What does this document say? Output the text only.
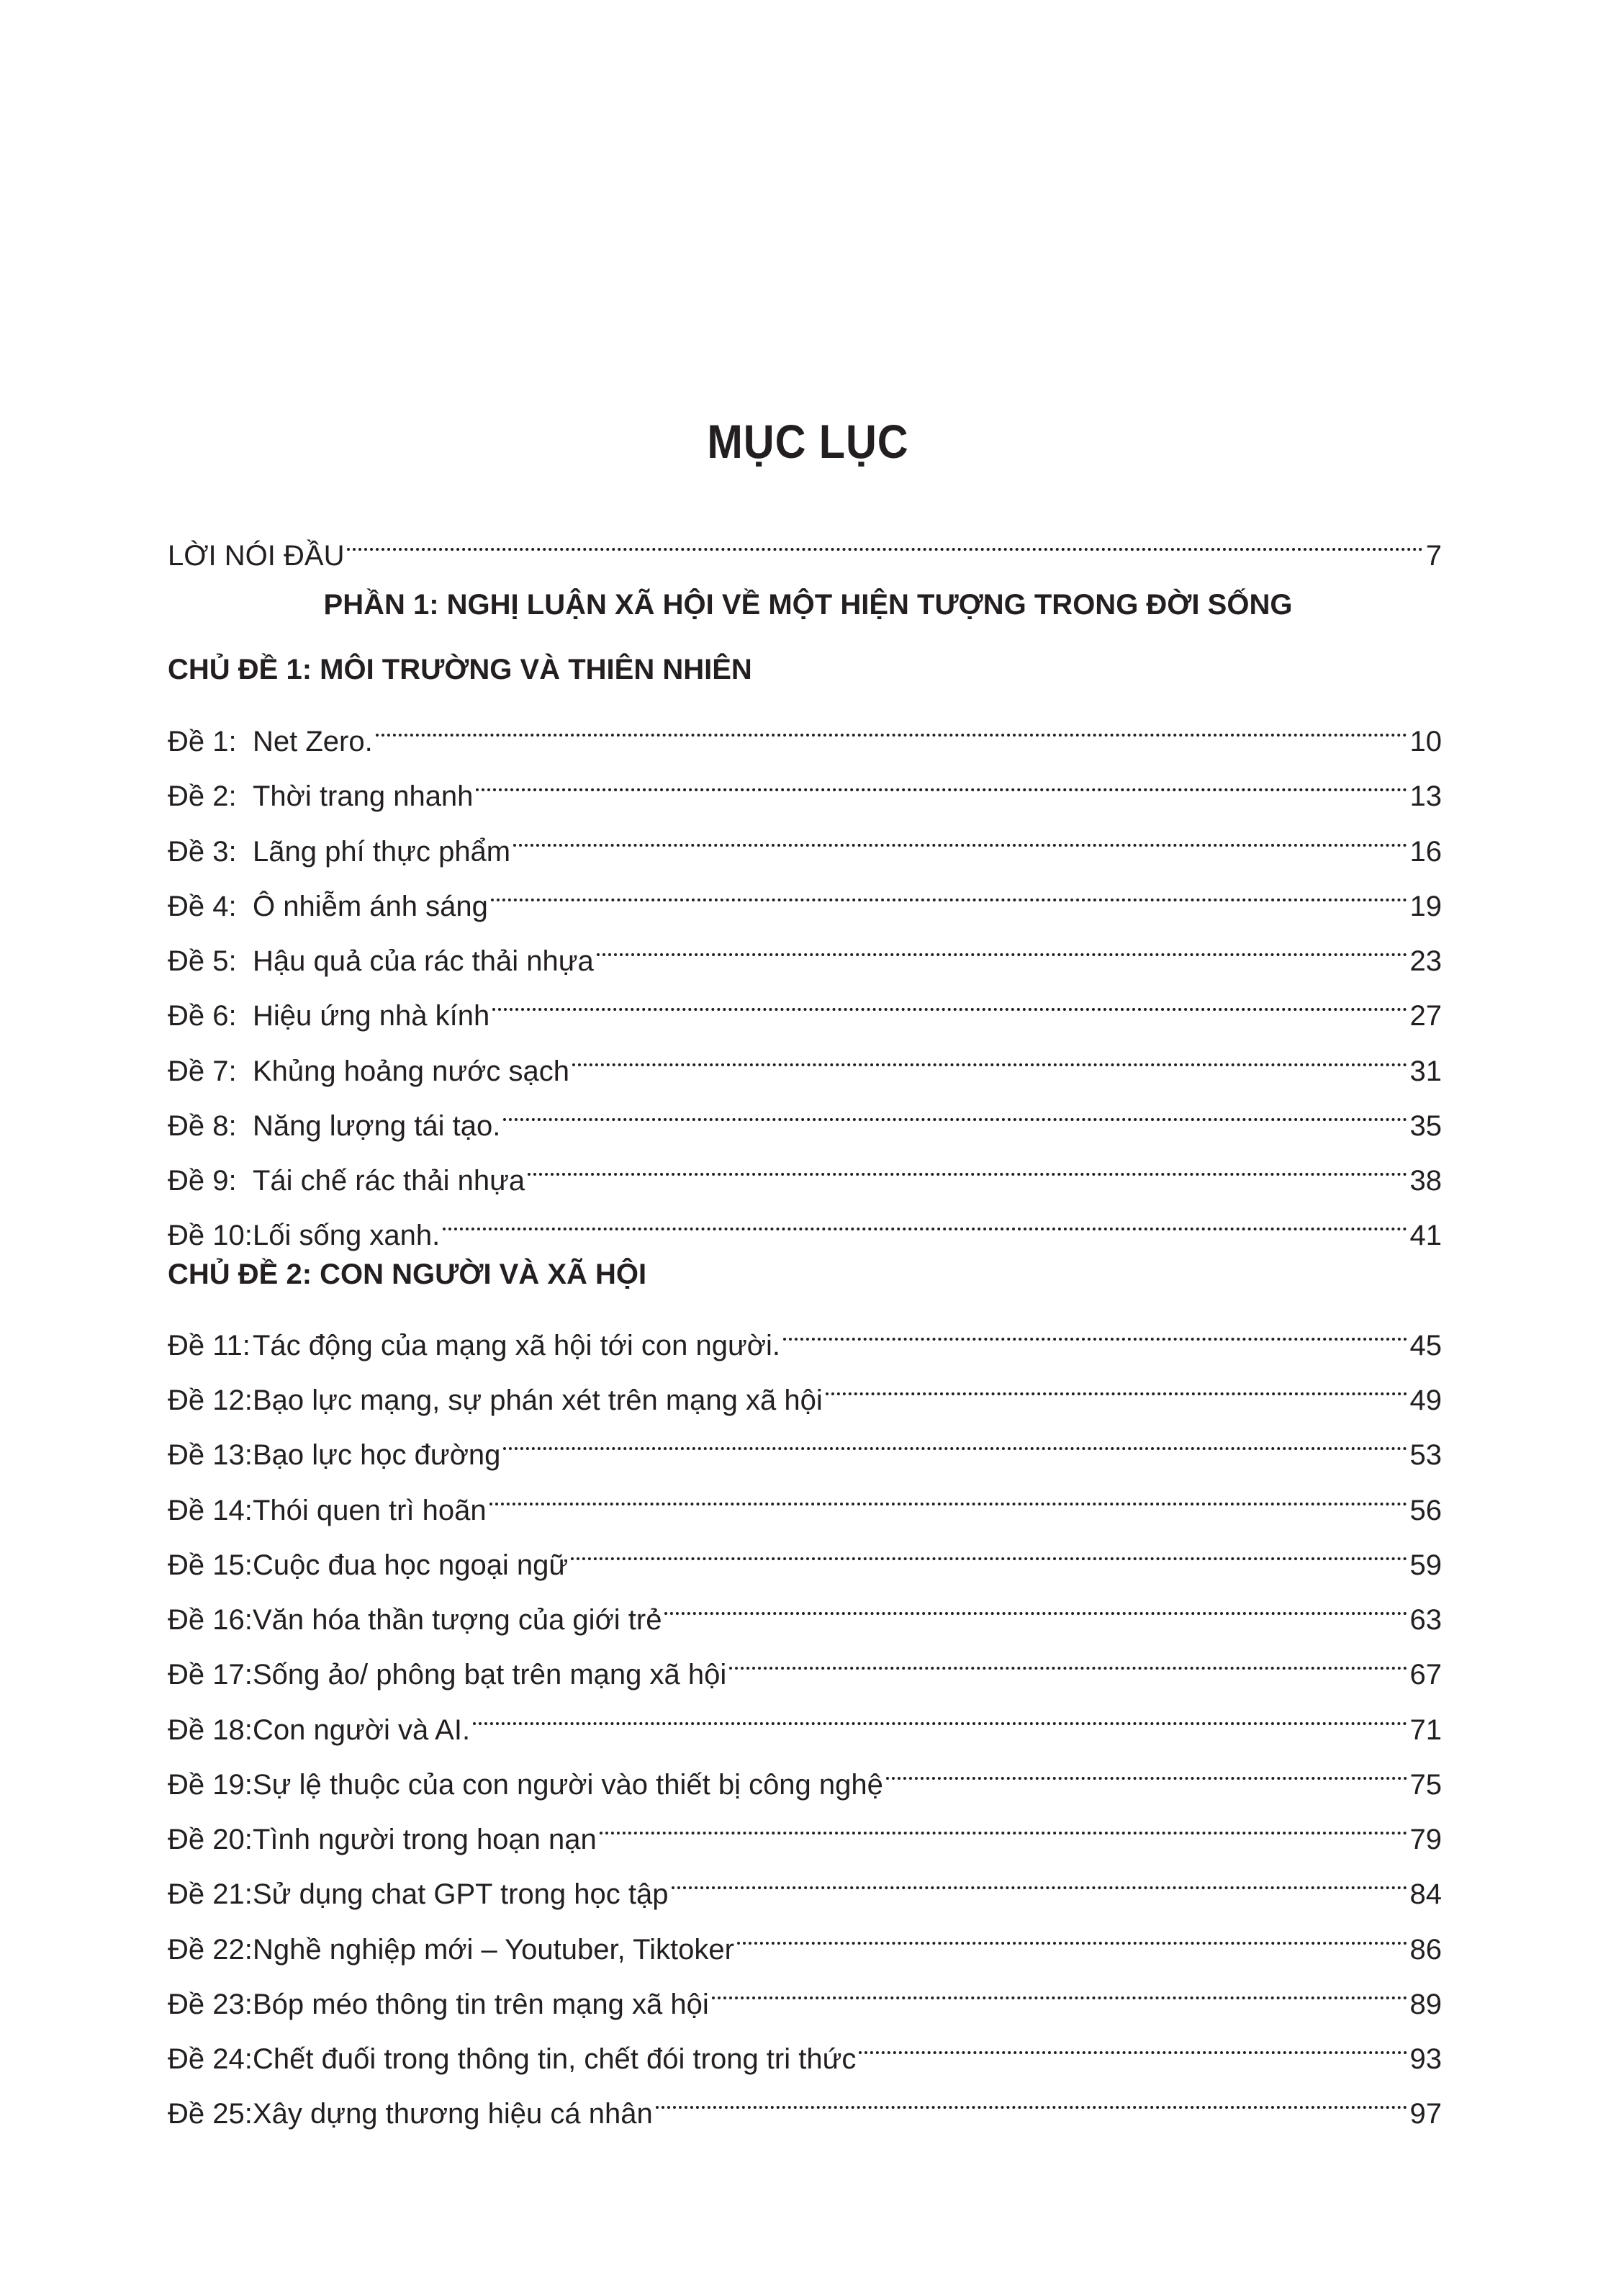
MỤC LỤC
LỜI NÓI ĐẦU	7
PHẦN 1: NGHỊ LUẬN XÃ HỘI VỀ MỘT HIỆN TƯỢNG TRONG ĐỜI SỐNG
CHỦ ĐỀ 1: MÔI TRƯỜNG VÀ THIÊN NHIÊN
Đề 1: Net Zero.	10
Đề 2: Thời trang nhanh	13
Đề 3: Lãng phí thực phẩm	16
Đề 4: Ô nhiễm ánh sáng	19
Đề 5: Hậu quả của rác thải nhựa	23
Đề 6: Hiệu ứng nhà kính	27
Đề 7: Khủng hoảng nước sạch	31
Đề 8: Năng lượng tái tạo.	35
Đề 9: Tái chế rác thải nhựa	38
Đề 10: Lối sống xanh.	41
CHỦ ĐỀ 2: CON NGƯỜI VÀ XÃ HỘI
Đề 11: Tác động của mạng xã hội tới con người.	45
Đề 12: Bạo lực mạng, sự phán xét trên mạng xã hội	49
Đề 13: Bạo lực học đường	53
Đề 14: Thói quen trì hoãn	56
Đề 15: Cuộc đua học ngoại ngữ	59
Đề 16: Văn hóa thần tượng của giới trẻ	63
Đề 17: Sống ảo/ phông bạt trên mạng xã hội	67
Đề 18: Con người và AI.	71
Đề 19: Sự lệ thuộc của con người vào thiết bị công nghệ	75
Đề 20: Tình người trong hoạn nạn	79
Đề 21: Sử dụng chat GPT trong học tập	84
Đề 22: Nghề nghiệp mới – Youtuber, Tiktoker	86
Đề 23: Bóp méo thông tin trên mạng xã hội	89
Đề 24: Chết đuối trong thông tin, chết đói trong tri thức	93
Đề 25: Xây dựng thương hiệu cá nhân	97
